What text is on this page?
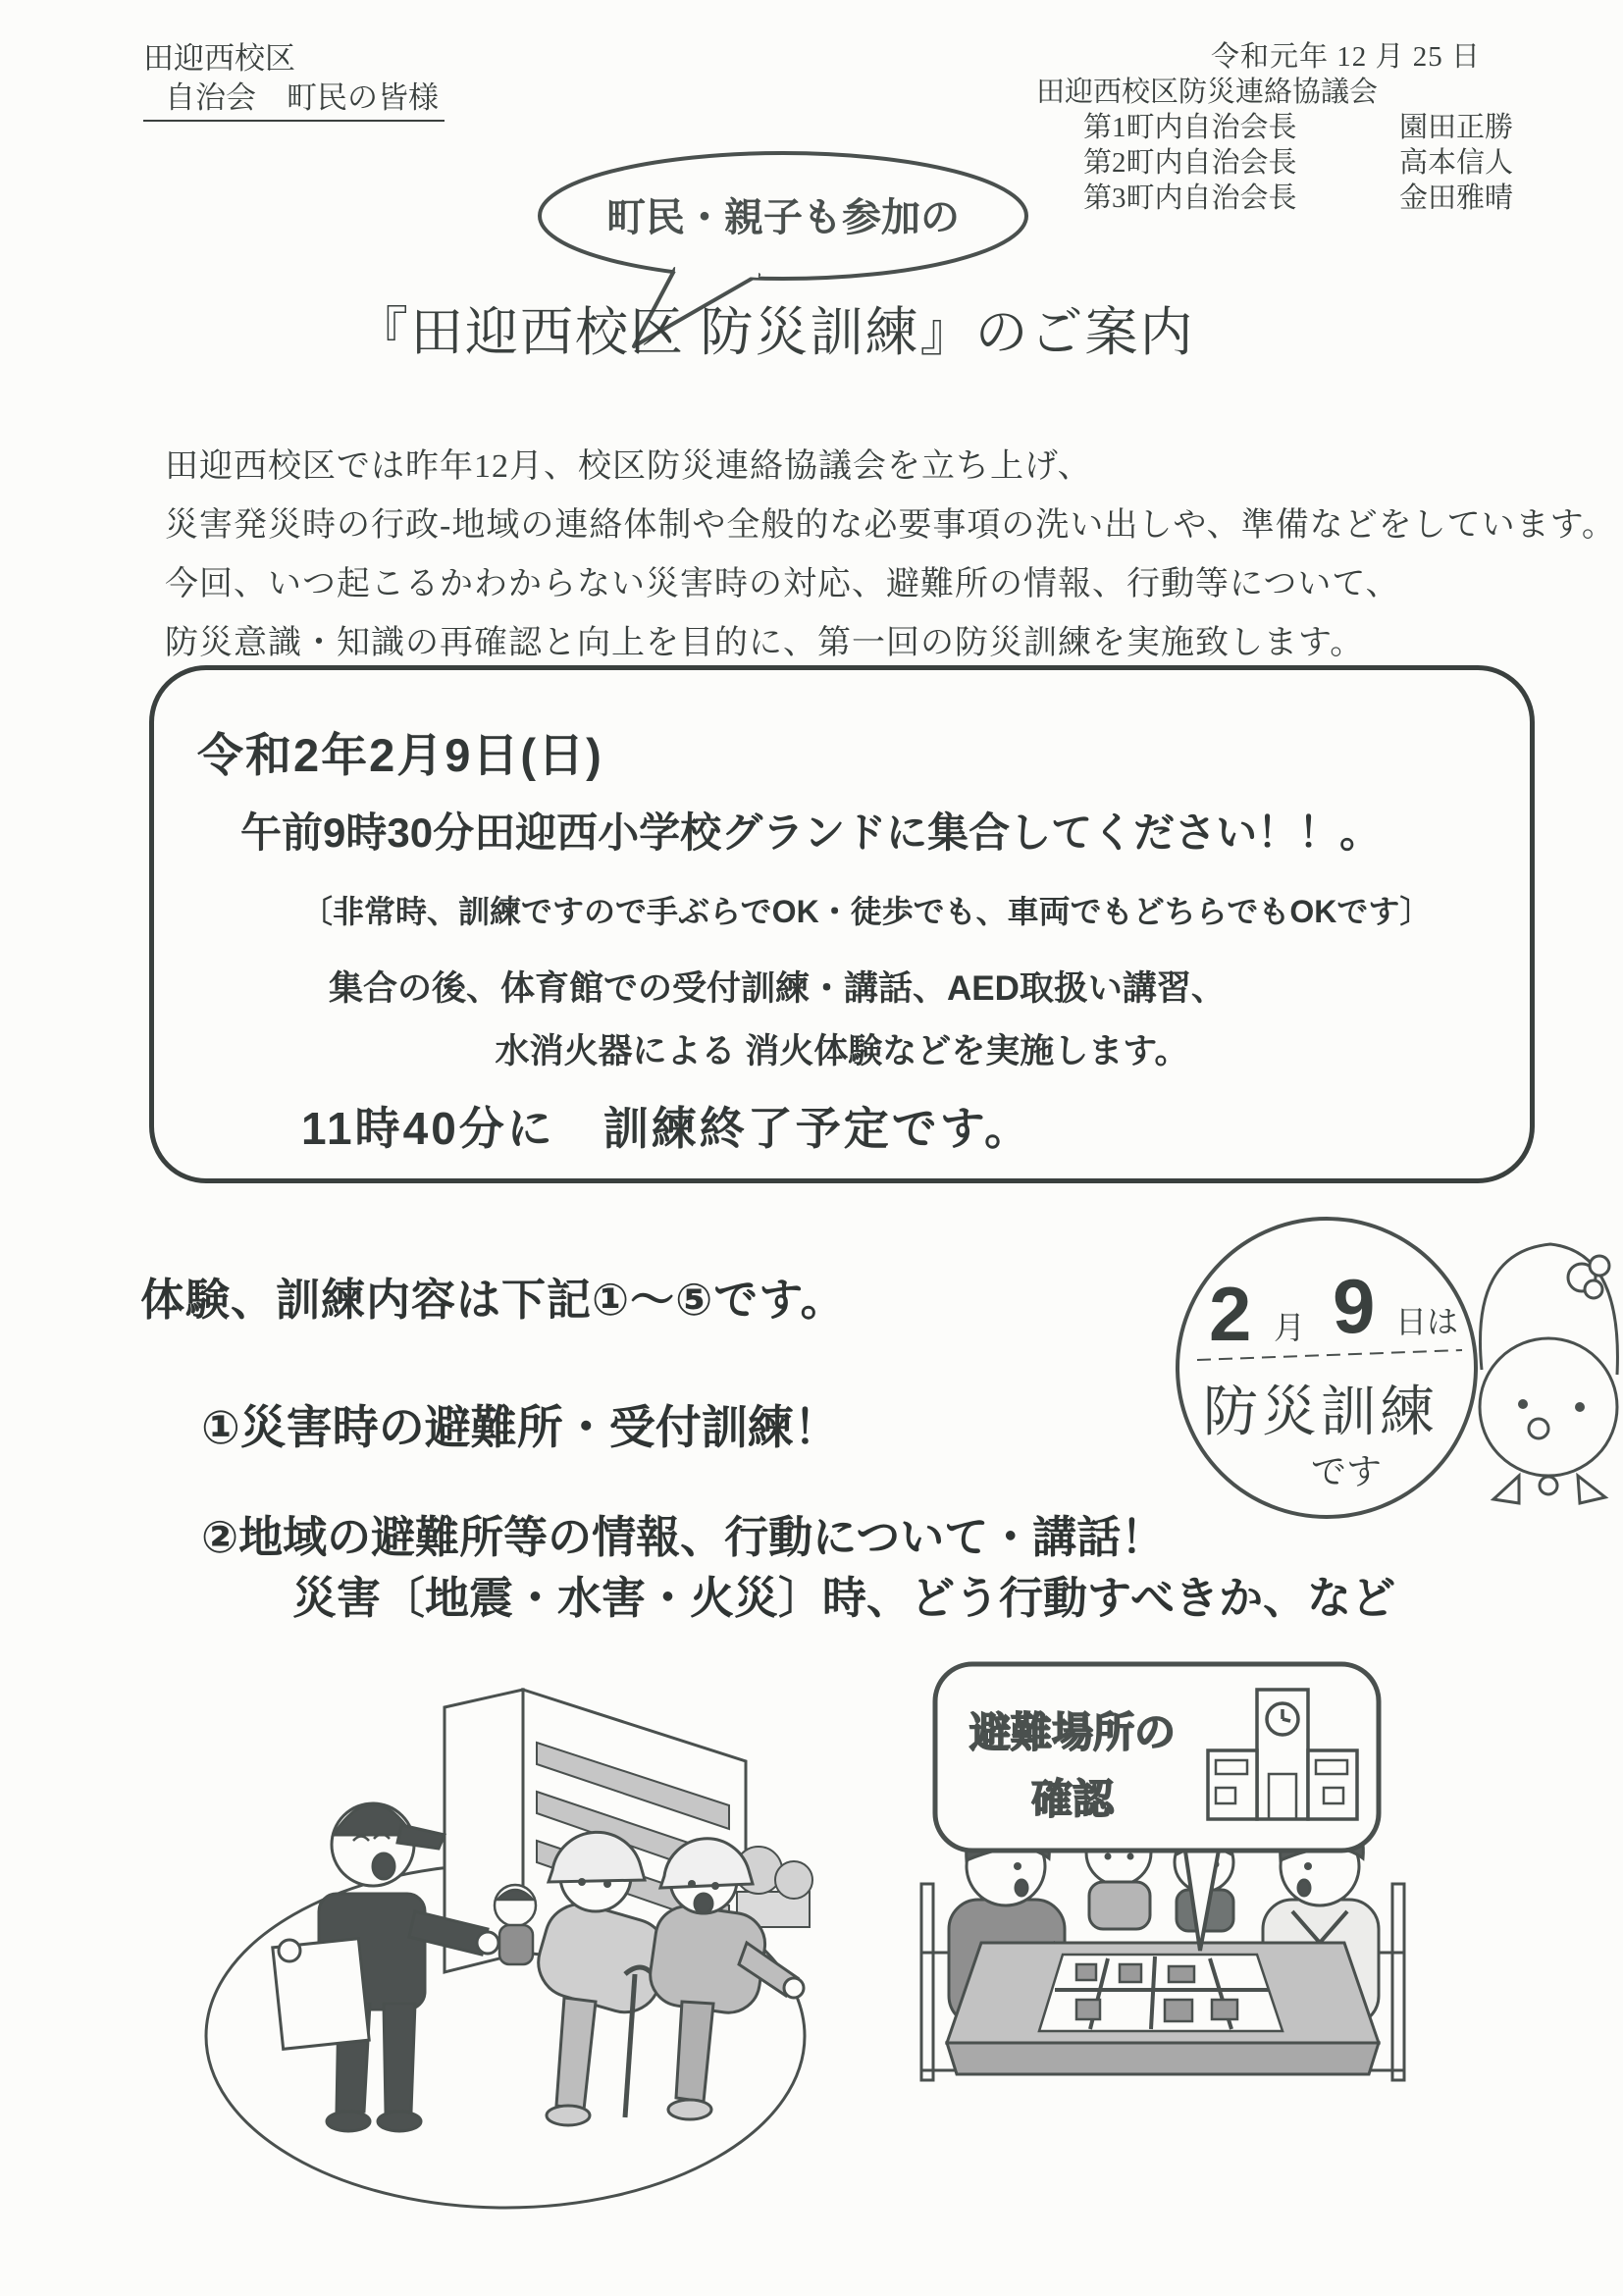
田迎西校区
自治会　町民の皆様
令和元年 12 月 25 日
田迎西校区防災連絡協議会
第1町内自治会長	園田正勝
第2町内自治会長	高本信人
第3町内自治会長	金田雅晴
町民・親子も参加の
『田迎西校区 防災訓練』のご案内
田迎西校区では昨年12月、校区防災連絡協議会を立ち上げ、
災害発災時の行政-地域の連絡体制や全般的な必要事項の洗い出しや、準備などをしています。
今回、いつ起こるかわからない災害時の対応、避難所の情報、行動等について、
防災意識・知識の再確認と向上を目的に、第一回の防災訓練を実施致します。
令和2年2月9日(日)
午前9時30分田迎西小学校グランドに集合してください！！。
〔非常時、訓練ですので手ぶらでOK・徒歩でも、車両でもどちらでもOKです〕
集合の後、体育館での受付訓練・講話、AED取扱い講習、
水消火器による 消火体験などを実施します。
11時40分に　訓練終了予定です。
体験、訓練内容は下記①～⑤です。	2 月 9 日は
防災訓練
です
①災害時の避難所・受付訓練！
②地域の避難所等の情報、行動について・講話！
災害〔地震・水害・火災〕時、どう行動すべきか、など
避難場所の
確認
